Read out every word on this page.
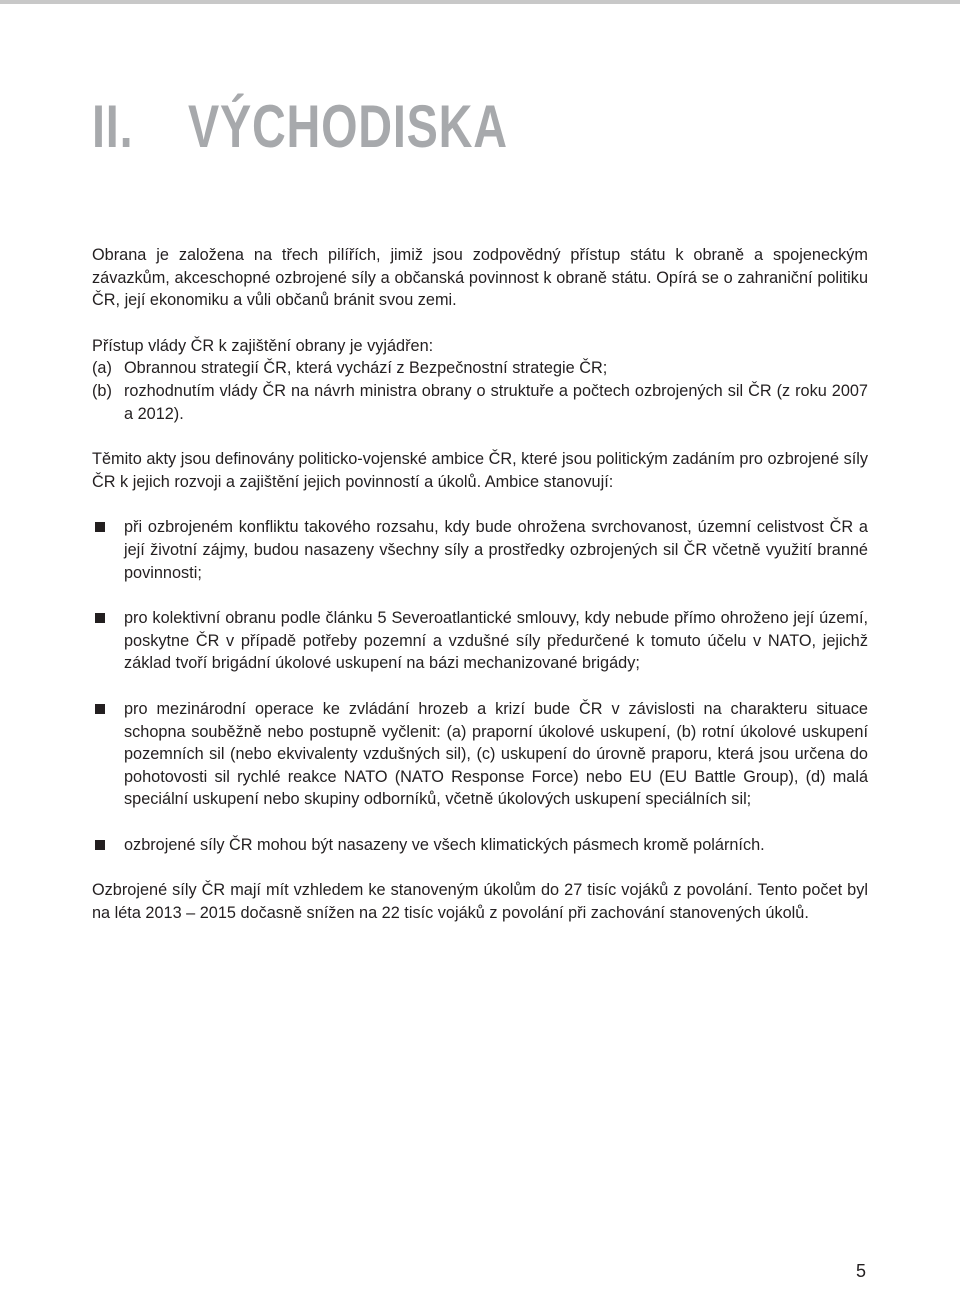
II. VÝCHODISKA

Obrana je založena na třech pilířích, jimiž jsou zodpovědný přístup státu k obraně a spojeneckým závazkům, akceschopné ozbrojené síly a občanská povinnost k obraně státu. Opírá se o zahraniční politiku ČR, její ekonomiku a vůli občanů bránit svou zemi.

Přístup vlády ČR k zajištění obrany je vyjádřen:

(a) Obrannou strategií ČR, která vychází z Bezpečnostní strategie ČR;
(b) rozhodnutím vlády ČR na návrh ministra obrany o struktuře a počtech ozbrojených sil ČR (z roku 2007 a 2012).

Těmito akty jsou definovány politicko-vojenské ambice ČR, které jsou politickým zadáním pro ozbrojené síly ČR k jejich rozvoji a zajištění jejich povinností a úkolů. Ambice stanovují:

při ozbrojeném konfliktu takového rozsahu, kdy bude ohrožena svrchovanost, územní celistvost ČR a její životní zájmy, budou nasazeny všechny síly a prostředky ozbrojených sil ČR včetně využití branné povinnosti;
pro kolektivní obranu podle článku 5 Severoatlantické smlouvy, kdy nebude přímo ohroženo její území, poskytne ČR v případě potřeby pozemní a vzdušné síly předurčené k tomuto účelu v NATO, jejichž základ tvoří brigádní úkolové uskupení na bázi mechanizované brigády;
pro mezinárodní operace ke zvládání hrozeb a krizí bude ČR v závislosti na charakteru situace schopna souběžně nebo postupně vyčlenit: (a) praporní úkolové uskupení, (b) rotní úkolové uskupení pozemních sil (nebo ekvivalenty vzdušných sil), (c) uskupení do úrovně praporu, která jsou určena do pohotovosti sil rychlé reakce NATO (NATO Response Force) nebo EU (EU Battle Group), (d) malá speciální uskupení nebo skupiny odborníků, včetně úkolových uskupení speciálních sil;
ozbrojené síly ČR mohou být nasazeny ve všech klimatických pásmech kromě polárních.

Ozbrojené síly ČR mají mít vzhledem ke stanoveným úkolům do 27 tisíc vojáků z povolání. Tento počet byl na léta 2013 – 2015 dočasně snížen na 22 tisíc vojáků z povolání při zachování stanovených úkolů.

5
